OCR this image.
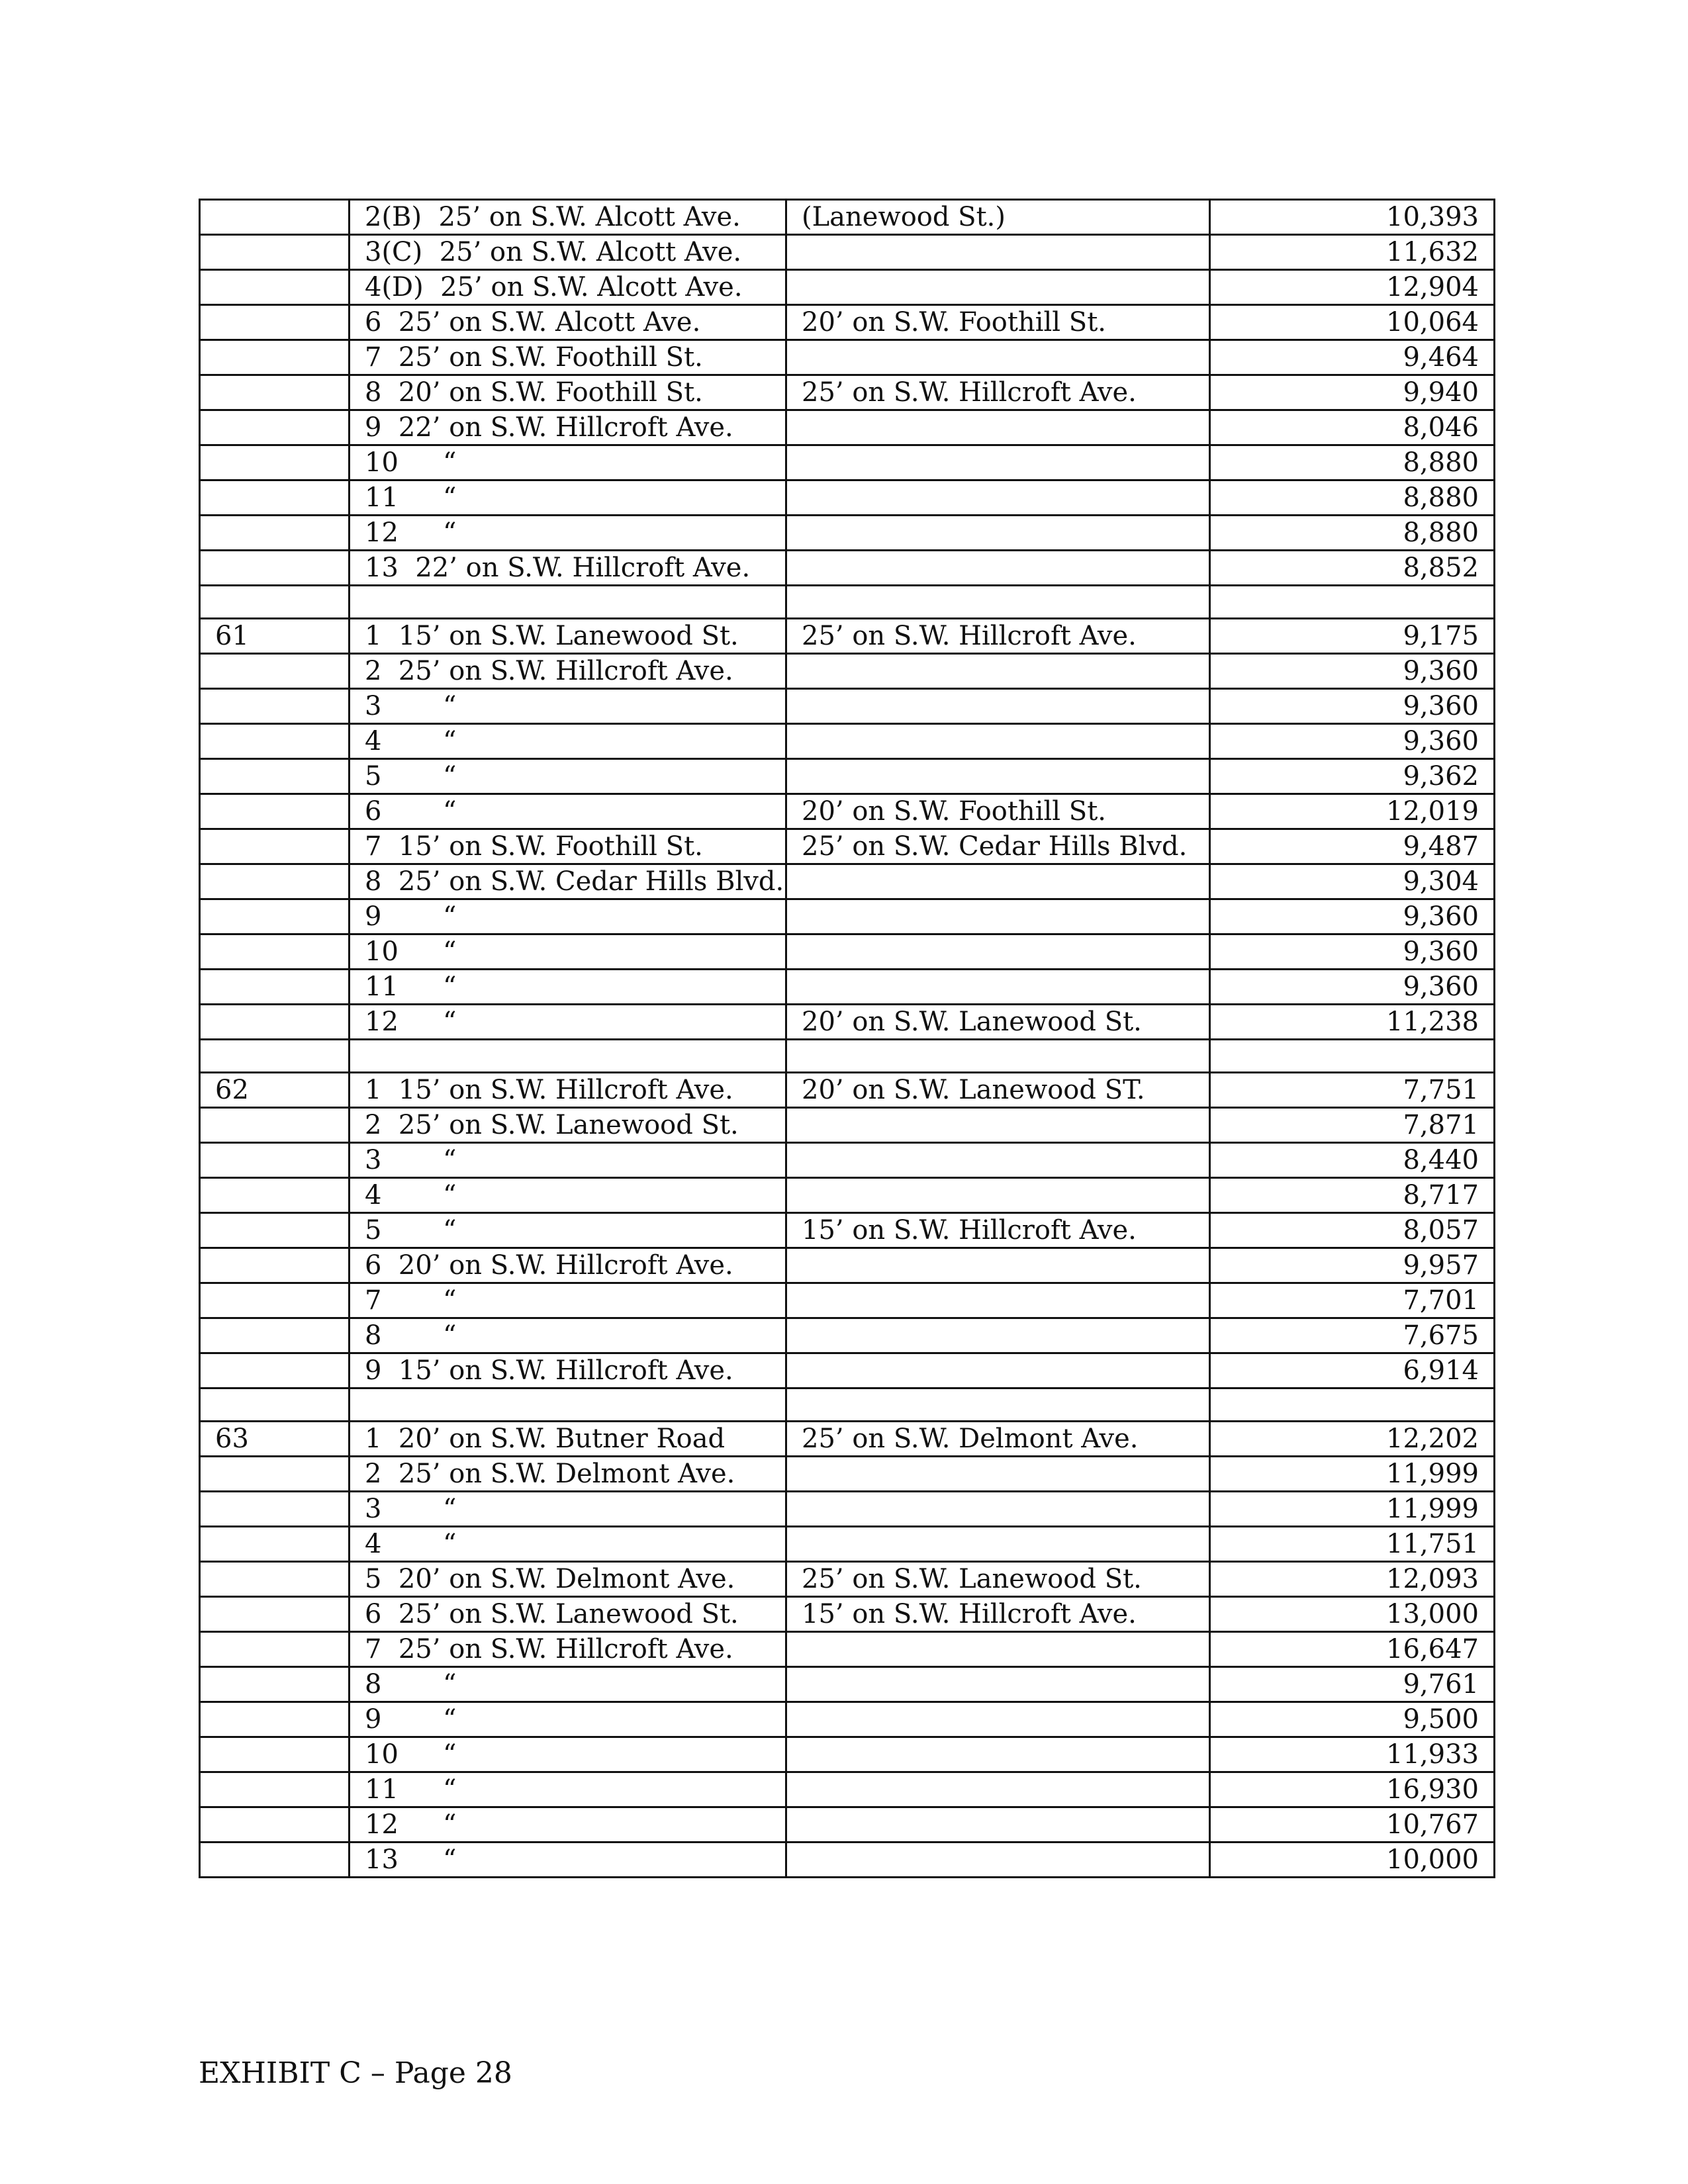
	2(B)  25’ on S.W. Alcott Ave.	(Lanewood St.)	10,393
	3(C)  25’ on S.W. Alcott Ave.		11,632
	4(D)  25’ on S.W. Alcott Ave.		12,904
	6  25’ on S.W. Alcott Ave.	20’ on S.W. Foothill St.	10,064
	7  25’ on S.W. Foothill St.		9,464
	8  20’ on S.W. Foothill St.	25’ on S.W. Hillcroft Ave.	9,940
	9  22’ on S.W. Hillcroft Ave.		8,046
	10 “		8,880
	11 “		8,880
	12 “		8,880
	13  22’ on S.W. Hillcroft Ave.		8,852

61	1  15’ on S.W. Lanewood St.	25’ on S.W. Hillcroft Ave.	9,175
	2  25’ on S.W. Hillcroft Ave.		9,360
	3 “		9,360
	4 “		9,360
	5 “		9,362
	6 “	20’ on S.W. Foothill St.	12,019
	7  15’ on S.W. Foothill St.	25’ on S.W. Cedar Hills Blvd.	9,487
	8  25’ on S.W. Cedar Hills Blvd.		9,304
	9 “		9,360
	10 “		9,360
	11 “		9,360
	12 “	20’ on S.W. Lanewood St.	11,238

62	1  15’ on S.W. Hillcroft Ave.	20’ on S.W. Lanewood ST.	7,751
	2  25’ on S.W. Lanewood St.		7,871
	3 “		8,440
	4 “		8,717
	5 “	15’ on S.W. Hillcroft Ave.	8,057
	6  20’ on S.W. Hillcroft Ave.		9,957
	7 “		7,701
	8 “		7,675
	9  15’ on S.W. Hillcroft Ave.		6,914

63	1  20’ on S.W. Butner Road	25’ on S.W. Delmont Ave.	12,202
	2  25’ on S.W. Delmont Ave.		11,999
	3 “		11,999
	4 “		11,751
	5  20’ on S.W. Delmont Ave.	25’ on S.W. Lanewood St.	12,093
	6  25’ on S.W. Lanewood St.	15’ on S.W. Hillcroft Ave.	13,000
	7  25’ on S.W. Hillcroft Ave.		16,647
	8 “		9,761
	9 “		9,500
	10 “		11,933
	11 “		16,930
	12 “		10,767
	13 “		10,000
EXHIBIT C – Page 28
